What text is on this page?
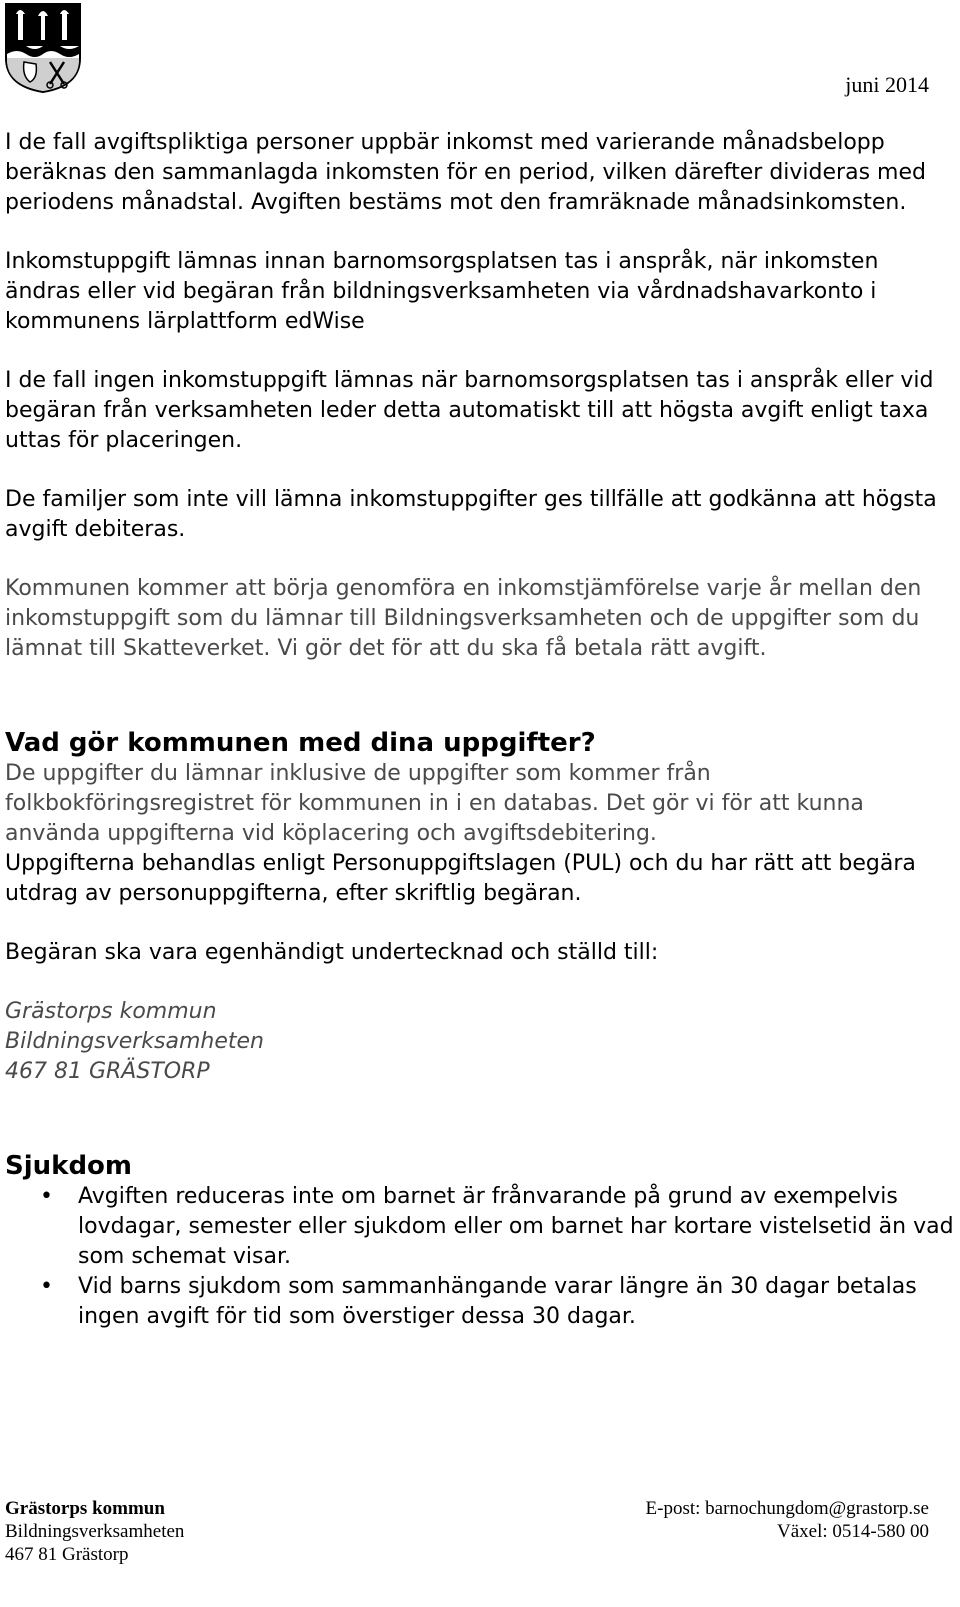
juni 2014

I de fall avgiftspliktiga personer uppbär inkomst med varierande månadsbelopp beräknas den sammanlagda inkomsten för en period, vilken därefter divideras med periodens månadstal. Avgiften bestäms mot den framräknade månadsinkomsten.

Inkomstuppgift lämnas innan barnomsorgsplatsen tas i anspråk, när inkomsten ändras eller vid begäran från bildningsverksamheten via vårdnadshavarkonto i kommunens lärplattform edWise

I de fall ingen inkomstuppgift lämnas när barnomsorgsplatsen tas i anspråk eller vid begäran från verksamheten leder detta automatiskt till att högsta avgift enligt taxa uttas för placeringen.

De familjer som inte vill lämna inkomstuppgifter ges tillfälle att godkänna att högsta avgift debiteras.

Kommunen kommer att börja genomföra en inkomstjämförelse varje år mellan den inkomstuppgift som du lämnar till Bildningsverksamheten och de uppgifter som du lämnat till Skatteverket. Vi gör det för att du ska få betala rätt avgift.

Vad gör kommunen med dina uppgifter?

De uppgifter du lämnar inklusive de uppgifter som kommer från folkbokföringsregistret för kommunen in i en databas. Det gör vi för att kunna använda uppgifterna vid köplacering och avgiftsdebitering.

Uppgifterna behandlas enligt Personuppgiftslagen (PUL) och du har rätt att begära utdrag av personuppgifterna, efter skriftlig begäran.

Begäran ska vara egenhändigt undertecknad och ställd till:

Grästorps kommun
Bildningsverksamheten
467 81 GRÄSTORP
Sjukdom
• Avgiften reduceras inte om barnet är frånvarande på grund av exempelvis lovdagar, semester eller sjukdom eller om barnet har kortare vistelsetid än vad som schemat visar.
• Vid barns sjukdom som sammanhängande varar längre än 30 dagar betalas ingen avgift för tid som överstiger dessa 30 dagar.
Grästorps kommun
Bildningsverksamheten
467 81 Grästorp
E-post: barnochungdom@grastorp.se
Växel: 0514-580 00
